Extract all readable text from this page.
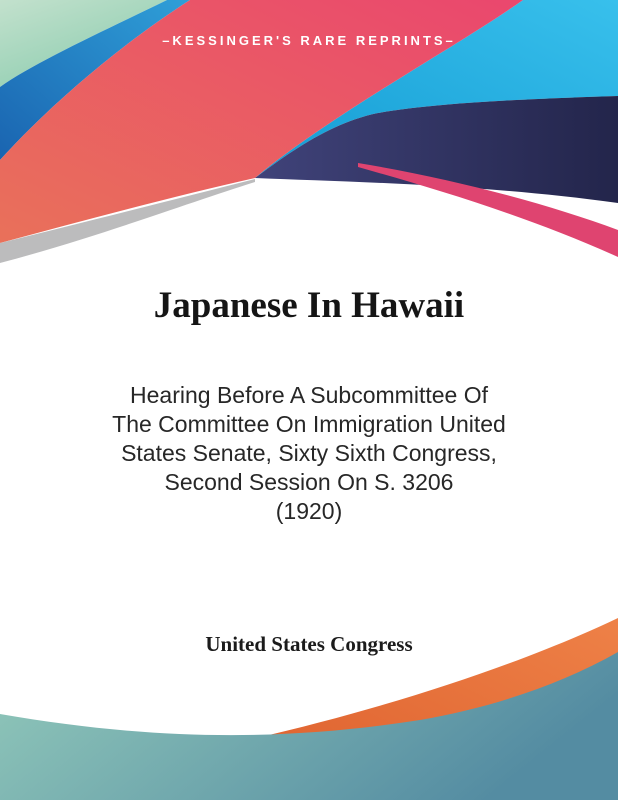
–KESSINGER'S RARE REPRINTS–
Japanese In Hawaii
Hearing Before A Subcommittee Of
The Committee On Immigration United
States Senate, Sixty Sixth Congress,
Second Session On S. 3206
(1920)
United States Congress
